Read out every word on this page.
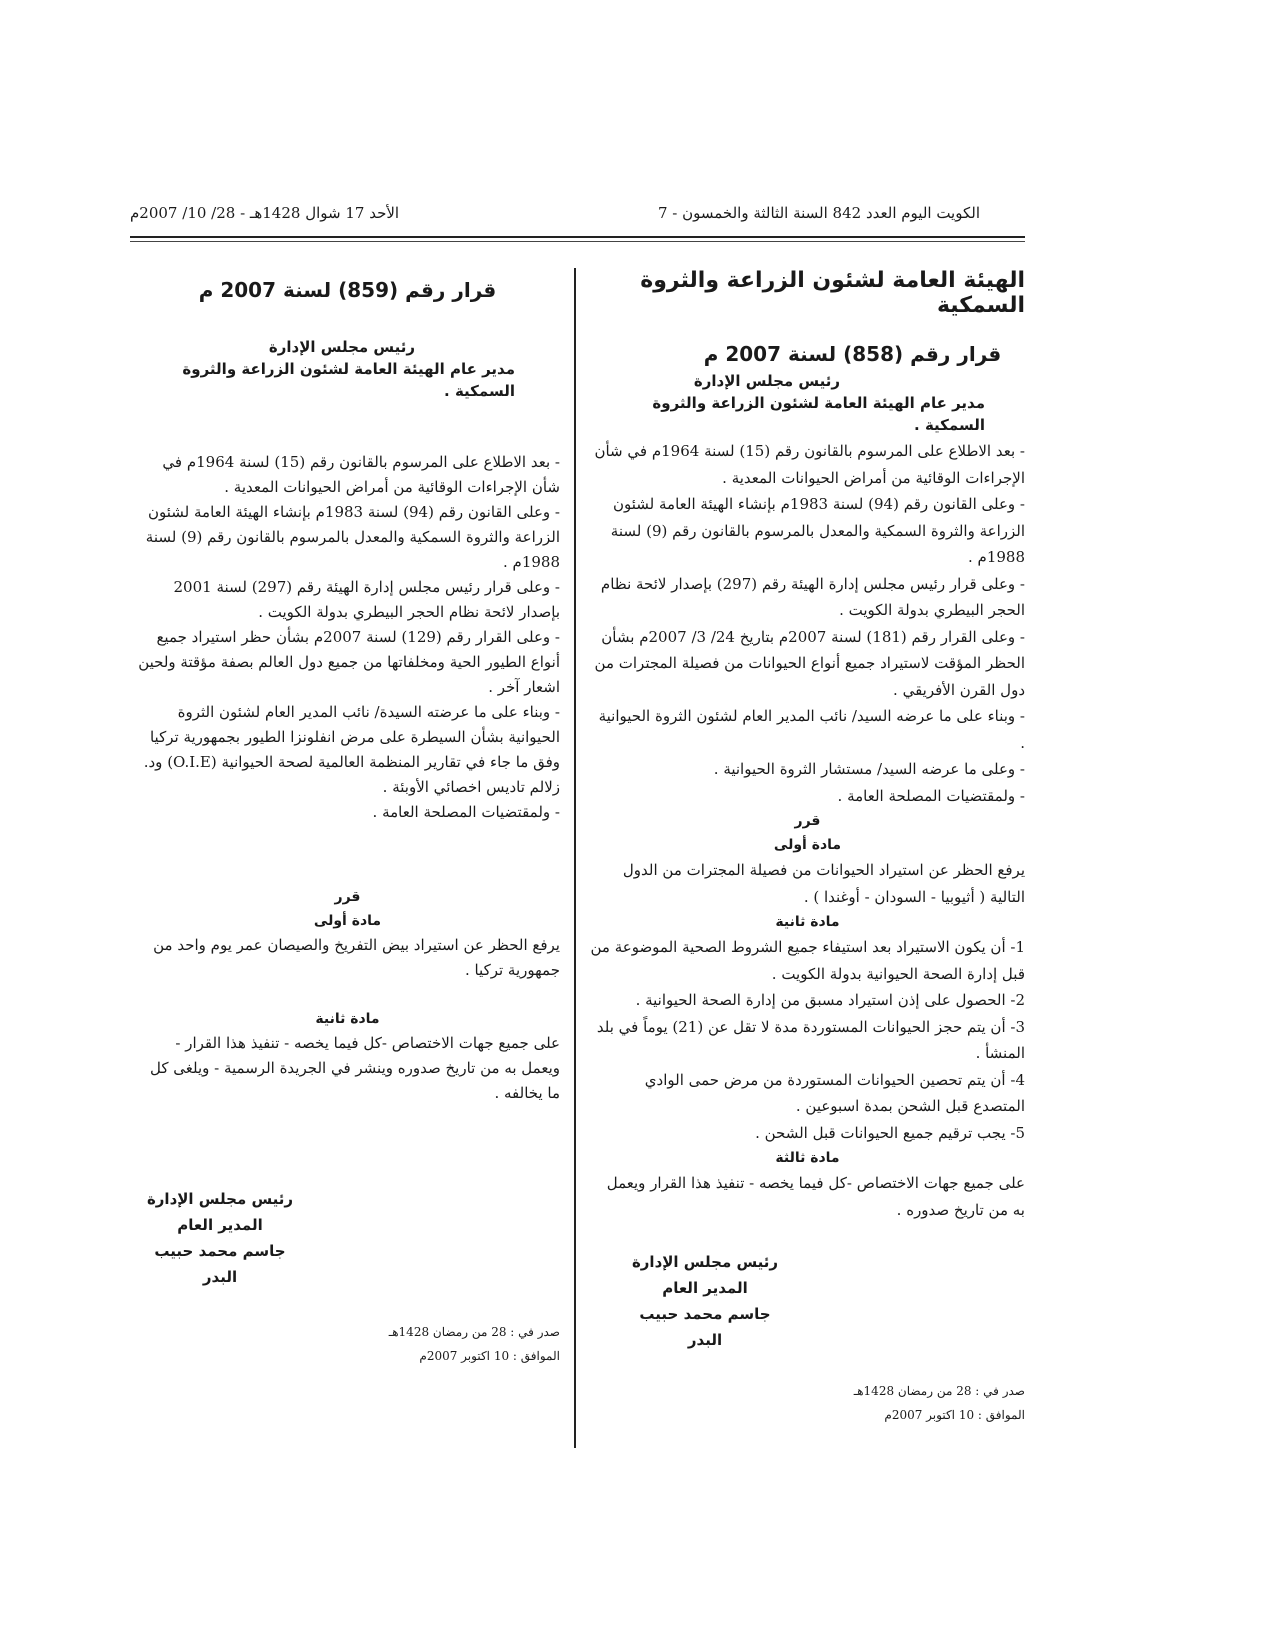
الكويت اليوم العدد 842 السنة الثالثة والخمسون - 7
الأحد 17 شوال 1428هـ - 28/ 10/ 2007م

الهيئة العامة لشئون الزراعة والثروة السمكية

قرار رقم (858) لسنة 2007 م

رئيس مجلس الإدارة

مدير عام الهيئة العامة لشئون الزراعة والثروة السمكية .

- بعد الاطلاع على المرسوم بالقانون رقم (15) لسنة 1964م في شأن الإجراءات الوقائية من أمراض الحيوانات المعدية .

- وعلى القانون رقم (94) لسنة 1983م بإنشاء الهيئة العامة لشئون الزراعة والثروة السمكية والمعدل بالمرسوم بالقانون رقم (9) لسنة 1988م .

- وعلى قرار رئيس مجلس إدارة الهيئة رقم (297) بإصدار لائحة نظام الحجر البيطري بدولة الكويت .

- وعلى القرار رقم (181) لسنة 2007م بتاريخ 24/ 3/ 2007م بشأن الحظر المؤقت لاستيراد جميع أنواع الحيوانات من فصيلة المجترات من دول القرن الأفريقي .

- وبناء على ما عرضه السيد/ نائب المدير العام لشئون الثروة الحيوانية .

- وعلى ما عرضه السيد/ مستشار الثروة الحيوانية .

- ولمقتضيات المصلحة العامة .

قرر

مادة أولى

يرفع الحظر عن استيراد الحيوانات من فصيلة المجترات من الدول التالية ( أثيوبيا - السودان - أوغندا ) .

مادة ثانية

1- أن يكون الاستيراد بعد استيفاء جميع الشروط الصحية الموضوعة من قبل إدارة الصحة الحيوانية بدولة الكويت .

2- الحصول على إذن استيراد مسبق من إدارة الصحة الحيوانية .

3- أن يتم حجز الحيوانات المستوردة مدة لا تقل عن (21) يوماً في بلد المنشأ .

4- أن يتم تحصين الحيوانات المستوردة من مرض حمى الوادي المتصدع قبل الشحن بمدة اسبوعين .

5- يجب ترقيم جميع الحيوانات قبل الشحن .

مادة ثالثة

على جميع جهات الاختصاص -كل فيما يخصه - تنفيذ هذا القرار ويعمل به من تاريخ صدوره .

رئيس مجلس الإدارة

المدير العام

جاسم محمد حبيب البدر

صدر في : 28 من رمضان 1428هـ

الموافق : 10 اكتوبر 2007م

قرار رقم (859) لسنة 2007 م

رئيس مجلس الإدارة

مدير عام الهيئة العامة لشئون الزراعة والثروة السمكية .

- بعد الاطلاع على المرسوم بالقانون رقم (15) لسنة 1964م في شأن الإجراءات الوقائية من أمراض الحيوانات المعدية .

- وعلى القانون رقم (94) لسنة 1983م بإنشاء الهيئة العامة لشئون الزراعة والثروة السمكية والمعدل بالمرسوم بالقانون رقم (9) لسنة 1988م .

- وعلى قرار رئيس مجلس إدارة الهيئة رقم (297) لسنة 2001 بإصدار لائحة نظام الحجر البيطري بدولة الكويت .

- وعلى القرار رقم (129) لسنة 2007م بشأن حظر استيراد جميع أنواع الطيور الحية ومخلفاتها من جميع دول العالم بصفة مؤقتة ولحين اشعار آخر .

- وبناء على ما عرضته السيدة/ نائب المدير العام لشئون الثروة الحيوانية بشأن السيطرة على مرض انفلونزا الطيور بجمهورية تركيا وفق ما جاء في تقارير المنظمة العالمية لصحة الحيوانية (O.I.E) ود. زلالم تاديس اخصائي الأوبئة .

- ولمقتضيات المصلحة العامة .

قرر

مادة أولى

يرفع الحظر عن استيراد بيض التفريخ والصيصان عمر يوم واحد من جمهورية تركيا .

مادة ثانية

على جميع جهات الاختصاص -كل فيما يخصه - تنفيذ هذا القرار - ويعمل به من تاريخ صدوره وينشر في الجريدة الرسمية - ويلغى كل ما يخالفه .

رئيس مجلس الإدارة

المدير العام

جاسم محمد حبيب البدر

صدر في : 28 من رمضان 1428هـ

الموافق : 10 اكتوبر 2007م
